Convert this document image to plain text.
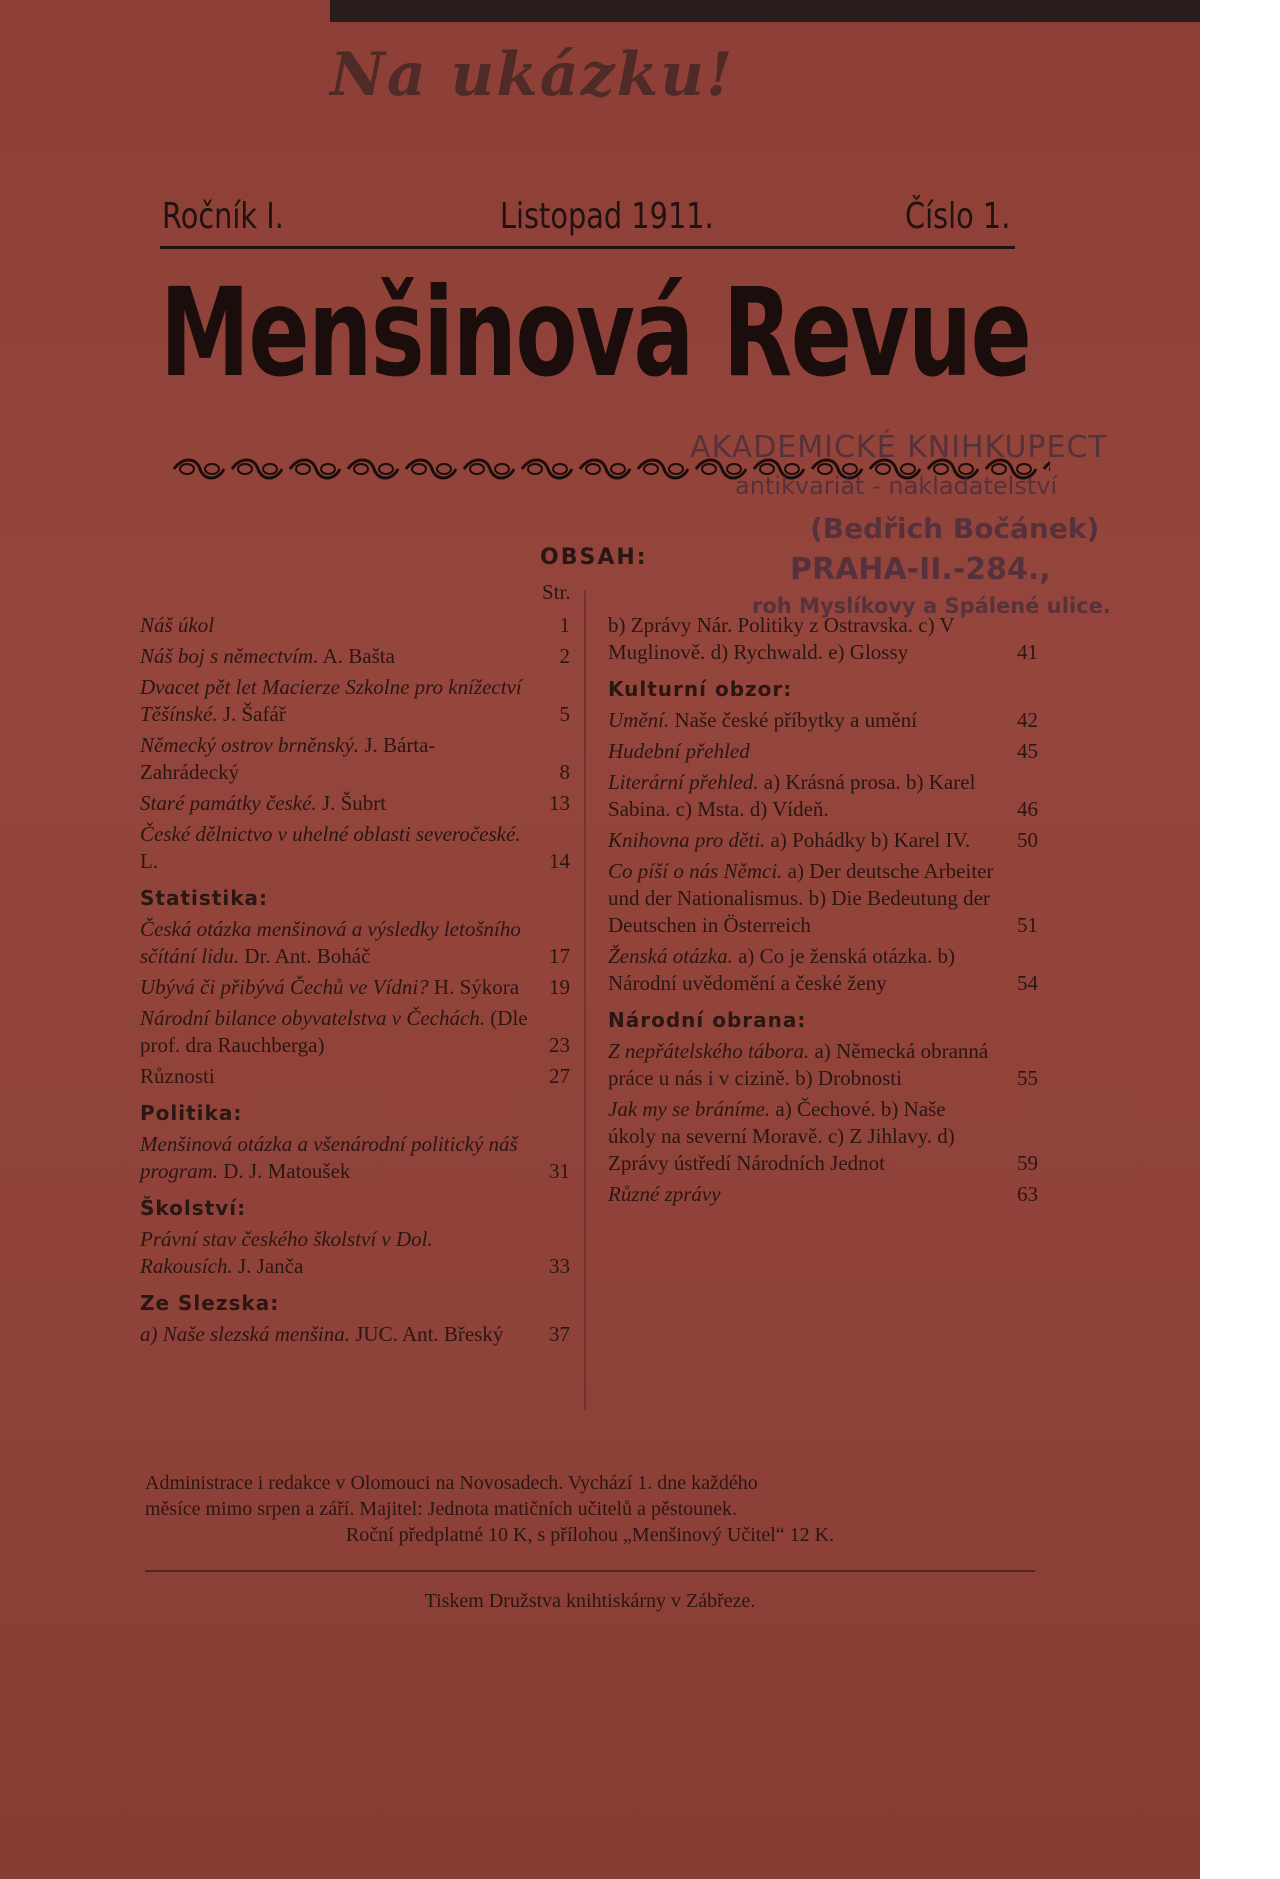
Na ukázku!
Ročník I.	Listopad 1911.	Číslo 1.
Menšinová Revue
AKADEMICKÉ KNIHKUPECT
antikvariát - nakladatelství
(Bedřich Bočánek)
PRAHA-II.-284.,
roh Myslíkovy a Spálené ulice.
OBSAH:
Str.
Náš úkol	1
Náš boj s němectvím. A. Bašta	2
Dvacet pět let Macierze Szkolne pro knížectví Těšínské. J. Šafář	5
Německý ostrov brněnský. J. Bárta-Zahrádecký	8
Staré památky české. J. Šubrt	13
České dělnictvo v uhelné oblasti severočeské. L.	14
Statistika:
Česká otázka menšinová a výsledky letošního sčítání lidu. Dr. Ant. Boháč	17
Ubývá či přibývá Čechů ve Vídni? H. Sýkora 19
Národní bilance obyvatelstva v Čechách. (Dle prof. dra Rauchberga)	23
Různosti	27
Politika:
Menšinová otázka a všenárodní politický náš program. D. J. Matoušek	31
Školství:
Právní stav českého školství v Dol. Rakousích. J. Janča	33
Ze Slezska:
a) Naše slezská menšina. JUC. Ant. Břeský 37
b) Zprávy Nár. Politiky z Ostravska. c) V Muglinově. d) Rychwald. e) Glossy	41
Kulturní obzor:
Umění. Naše české příbytky a umění	42
Hudební přehled	45
Literární přehled. a) Krásná prosa. b) Karel Sabina. c) Msta. d) Vídeň.	46
Knihovna pro děti. a) Pohádky b) Karel IV. 50
Co píší o nás Němci. a) Der deutsche Arbeiter und der Nationalismus. b) Die Bedeutung der Deutschen in Österreich	51
Ženská otázka. a) Co je ženská otázka. b) Národní uvědomění a české ženy	54
Národní obrana:
Z nepřátelského tábora. a) Německá obranná práce u nás i v cizině. b) Drobnosti	55
Jak my se bráníme. a) Čechové. b) Naše úkoly na severní Moravě. c) Z Jihlavy. d) Zprávy ústředí Národních Jednot	59
Různé zprávy	63
Administrace i redakce v Olomouci na Novosadech. Vychází 1. dne každého
měsíce mimo srpen a září. Majitel: Jednota matičních učitelů a pěstounek.
Roční předplatné 10 K, s přílohou „Menšinový Učitel“ 12 K.
Tiskem Družstva knihtiskárny v Zábřeze.
